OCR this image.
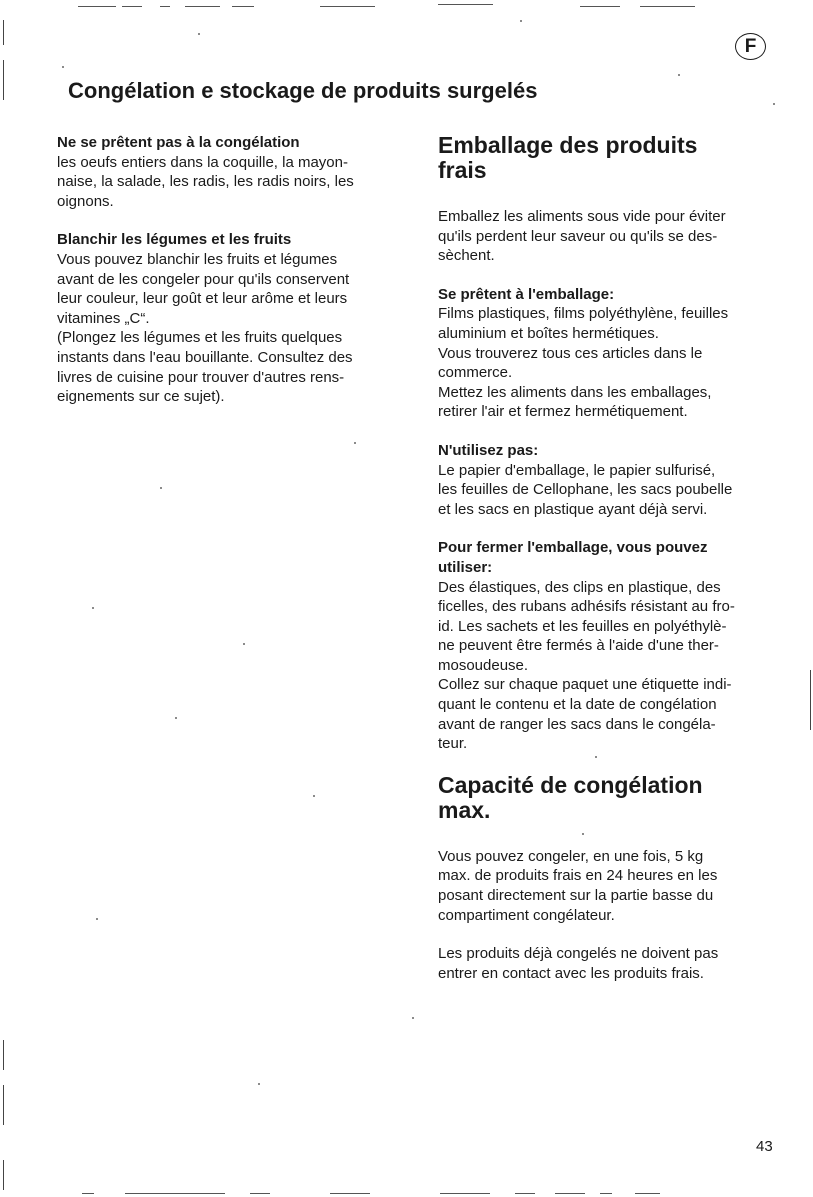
F
Congélation e stockage de produits surgelés

Ne se prêtent pas à la congélation

les oeufs entiers dans la coquille, la mayon-
naise, la salade, les radis, les radis noirs, les
oignons.

Blanchir les légumes et les fruits

Vous pouvez blanchir les fruits et légumes
avant de les congeler pour qu'ils conservent
leur couleur, leur goût et leur arôme et leurs
vitamines „C“.
(Plongez les légumes et les fruits quelques
instants dans l'eau bouillante. Consultez des
livres de cuisine pour trouver d'autres rens-
eignements sur ce sujet).

Emballage des produits
frais

Emballez les aliments sous vide pour éviter
qu'ils perdent leur saveur ou qu'ils se des-
sèchent.

Se prêtent à l'emballage:

Films plastiques, films polyéthylène, feuilles
aluminium et boîtes hermétiques.
Vous trouverez tous ces articles dans le
commerce.
Mettez les aliments dans les emballages,
retirer l'air et fermez hermétiquement.

N'utilisez pas:

Le papier d'emballage, le papier sulfurisé,
les feuilles de Cellophane, les sacs poubelle
et les sacs en plastique ayant déjà servi.

Pour fermer l'emballage, vous pouvez
utiliser:

Des élastiques, des clips en plastique, des
ficelles, des rubans adhésifs résistant au fro-
id. Les sachets et les feuilles en polyéthylè-
ne peuvent être fermés à l'aide d'une ther-
mosoudeuse.
Collez sur chaque paquet une étiquette indi-
quant le contenu et la date de congélation
avant de ranger les sacs dans le congéla-
teur.

Capacité de congélation
max.

Vous pouvez congeler, en une fois, 5 kg
max. de produits frais en 24 heures en les
posant directement sur la partie basse du
compartiment congélateur.

Les produits déjà congelés ne doivent pas
entrer en contact avec les produits frais.

43
